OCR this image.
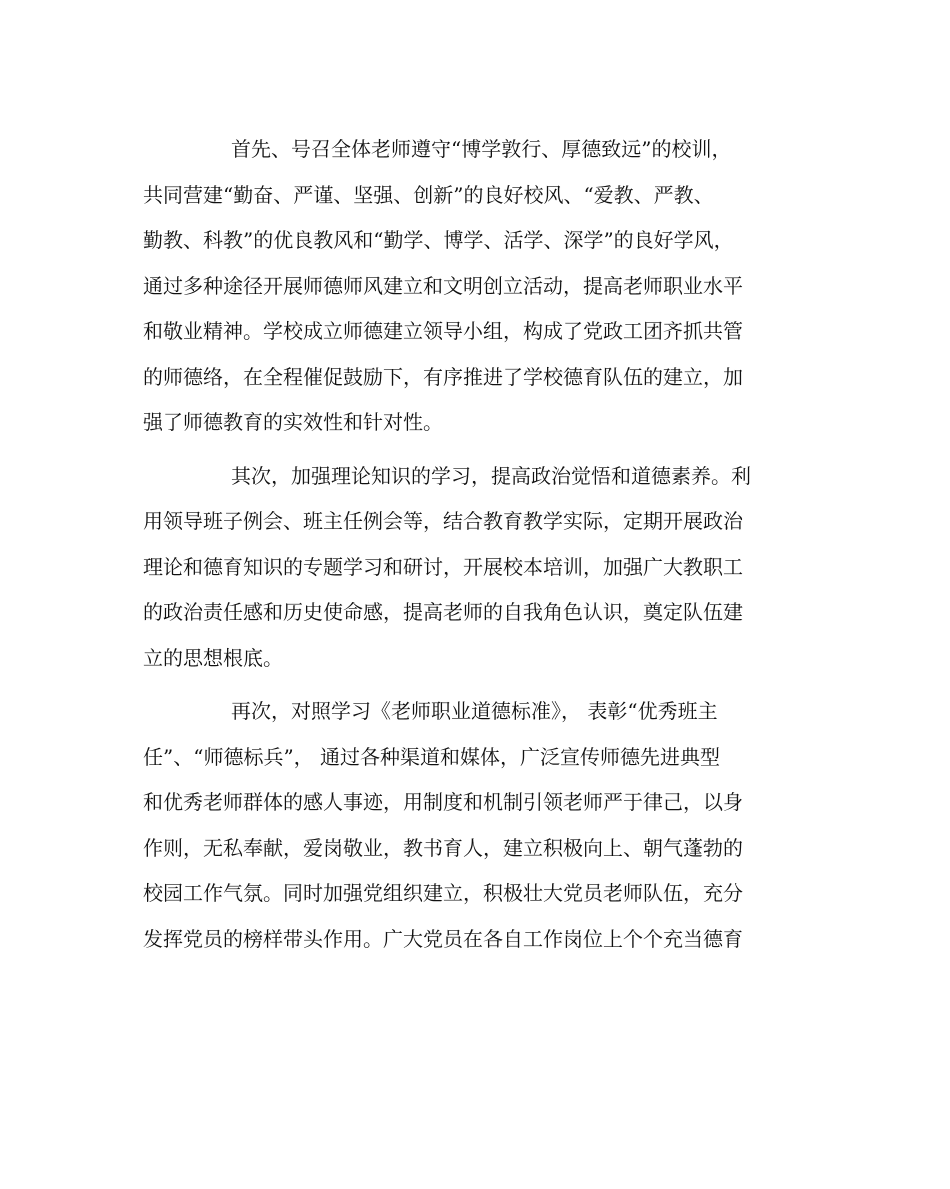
首先、号召全体老师遵守“博学敦行、厚德致远”的校训，
共同营建“勤奋、严谨、坚强、创新”的良好校风、“爱教、严教、
勤教、科教”的优良教风和“勤学、博学、活学、深学”的良好学风，
通过多种途径开展师德师风建立和文明创立活动，提高老师职业水平
和敬业精神。学校成立师德建立领导小组，构成了党政工团齐抓共管
的师德络，在全程催促鼓励下，有序推进了学校德育队伍的建立，加
强了师德教育的实效性和针对性。
其次，加强理论知识的学习，提高政治觉悟和道德素养。利
用领导班子例会、班主任例会等，结合教育教学实际，定期开展政治
理论和德育知识的专题学习和研讨，开展校本培训，加强广大教职工
的政治责任感和历史使命感，提高老师的自我角色认识，奠定队伍建
立的思想根底。
再次，对照学习《老师职业道德标准》， 表彰“优秀班主
任”、“师德标兵”， 通过各种渠道和媒体，广泛宣传师德先进典型
和优秀老师群体的感人事迹，用制度和机制引领老师严于律己，以身
作则，无私奉献，爱岗敬业，教书育人，建立积极向上、朝气蓬勃的
校园工作气氛。同时加强党组织建立，积极壮大党员老师队伍，充分
发挥党员的榜样带头作用。广大党员在各自工作岗位上个个充当德育
